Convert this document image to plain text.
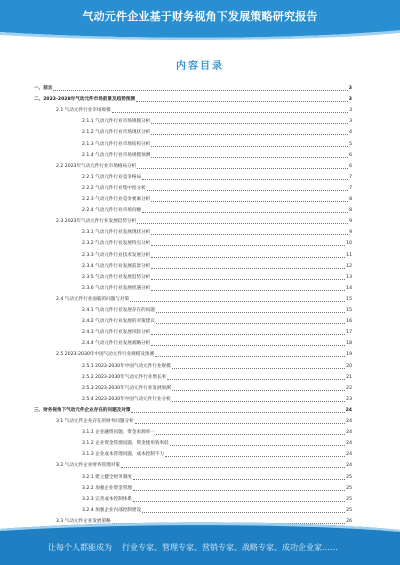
气动元件企业基于财务视角下发展策略研究报告
内容目录
一、前言	3
二、2023-2028年气动元件市场前景及趋势预测	3
2.1 气动元件行业市场规模	3
2.1.1 气动元件行业市场规模分析	3
2.1.2 气动元件行业市场现状分析	4
2.1.3 气动元件行业市场结构分析	5
2.1.4 气动元件行业市场规模预测	6
2.2 2023年气动元件行业市场格局分析	6
2.2.1 气动元件行业竞争格局	7
2.2.2 气动元件行业集中度分析	7
2.2.3 气动元件行业竞争要素分析	8
2.2.4 气动元件行业市场份额	8
2.3 2023年气动元件行业发展趋势分析	9
2.3.1 气动元件行业发展现状分析	9
2.3.2 气动元件行业发展特点分析	10
2.3.3 气动元件行业技术发展分析	11
2.3.4 气动元件行业发展前景分析	12
2.3.5 气动元件行业发展趋势分析	13
2.3.6 气动元件行业发展机遇分析	14
2.4 气动元件行业面临的问题与对策	15
2.4.1 气动元件行业发展存在的问题	15
2.4.2 气动元件行业发展的对策建议	16
2.4.3 气动元件行业发展风险分析	17
2.4.4 气动元件行业发展战略分析	18
2.5 2023-2030年中国气动元件行业规模及预测	19
2.5.1 2023-2030年中国气动元件行业规模	20
2.5.2 2023-2030年气动元件行业增长率	21
2.5.3 2023-2030年气动元件行业发展预测	22
2.5.4 2023-2030年中国气动元件行业分析	23
三、财务视角下气动元件企业存在的问题及对策	24
3.1 气动元件企业存在的财务问题分析	24
3.1.1 企业融资问题，资金来源单一	24
3.1.2 企业资金管理问题，资金使用效率低	24
3.1.3 企业成本管理问题，成本控制不力	24
3.2 气动元件企业财务管理对策	24
3.2.1 建立健全财务制度	25
3.2.2 加强企业资金管理	25
3.2.3 完善成本控制体系	25
3.2.4 加强企业内部控制建设	25
3.3 气动元件企业发展策略	26
让每个人都能成为 行业专家、管理专家、营销专家、战略专家、成功企业家……
